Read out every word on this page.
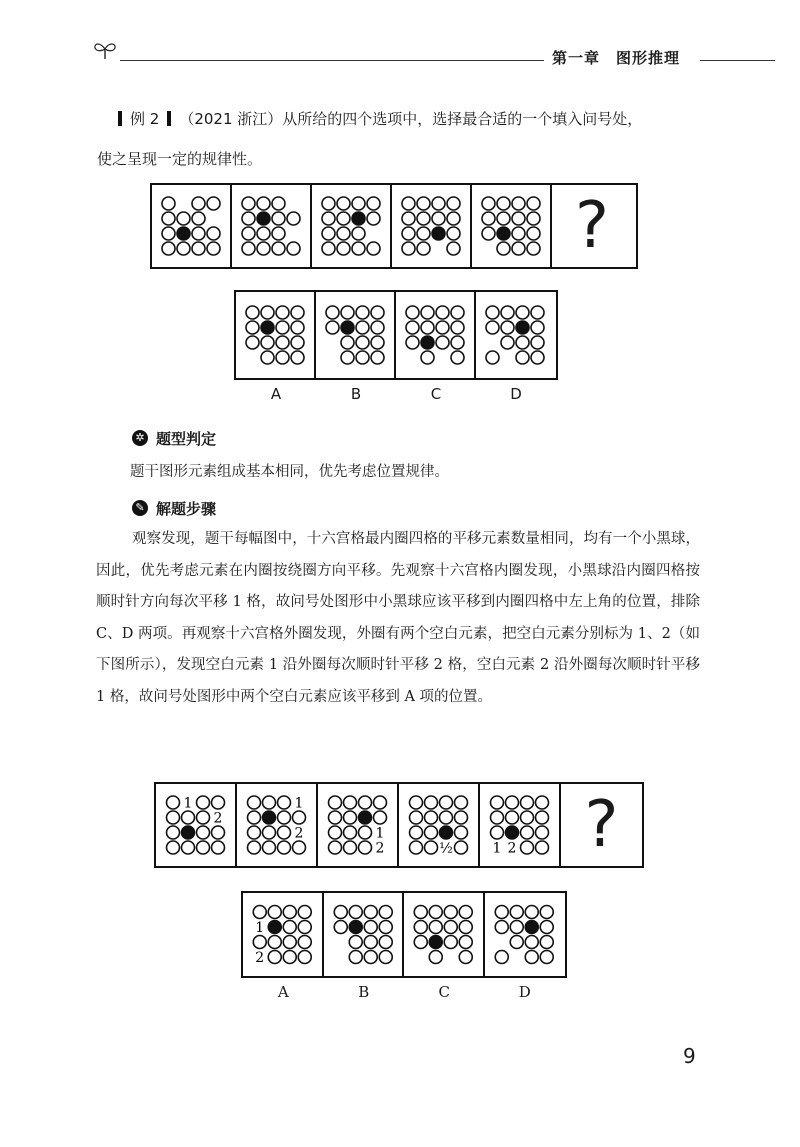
第一章　图形推理
例 2 （2021 浙江）从所给的四个选项中，选择最合适的一个填入问号处，
使之呈现一定的规律性。
?
A	B	C	D
✲ 题型判定
题干图形元素组成基本相同，优先考虑位置规律。
✎ 解题步骤
观察发现，题干每幅图中，十六宫格最内圈四格的平移元素数量相同，均有一个小黑球，因此，优先考虑元素在内圈按绕圈方向平移。先观察十六宫格内圈发现，小黑球沿内圈四格按顺时针方向每次平移 1 格，故问号处图形中小黑球应该平移到内圈四格中左上角的位置，排除 C、D 两项。再观察十六宫格外圈发现，外圈有两个空白元素，把空白元素分别标为 1、2（如下图所示），发现空白元素 1 沿外圈每次顺时针平移 2 格，空白元素 2 沿外圈每次顺时针平移 1 格，故问号处图形中两个空白元素应该平移到 A 项的位置。
1
2
1
2	1
2	½	1 2	?
1
2
A	B	C	D
9
